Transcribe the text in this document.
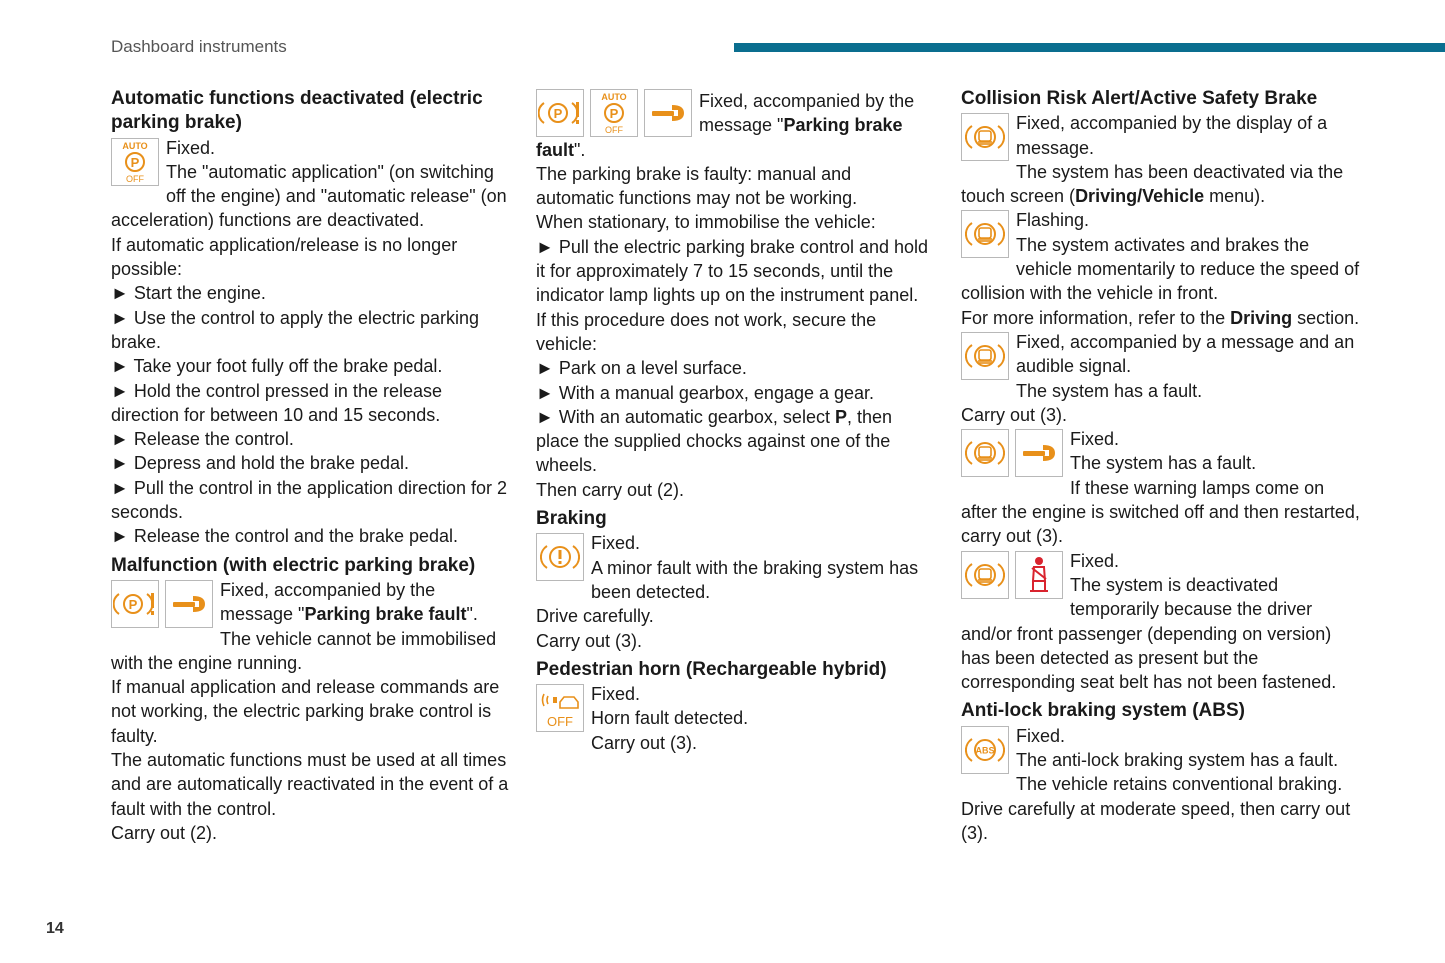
Dashboard instruments
Automatic functions deactivated (electric parking brake)
AUTO
P
OFF

Fixed.

The "automatic application" (on switching off the engine) and "automatic release" (on acceleration) functions are deactivated.

If automatic application/release is no longer possible:

► Start the engine.

► Use the control to apply the electric parking brake.

► Take your foot fully off the brake pedal.

► Hold the control pressed in the release direction for between 10 and 15 seconds.

► Release the control.

► Depress and hold the brake pedal.

► Pull the control in the application direction for 2 seconds.

► Release the control and the brake pedal.

Malfunction (with electric parking brake)
P

Fixed, accompanied by the message "Parking brake fault".

The vehicle cannot be immobilised with the engine running.

If manual application and release commands are not working, the electric parking brake control is faulty.

The automatic functions must be used at all times and are automatically reactivated in the event of a fault with the control.

Carry out (2).

P
AUTO
P
OFF

Fixed, accompanied by the message "Parking brake fault".

The parking brake is faulty: manual and automatic functions may not be working.

When stationary, to immobilise the vehicle:

► Pull the electric parking brake control and hold it for approximately 7 to 15 seconds, until the indicator lamp lights up on the instrument panel.

If this procedure does not work, secure the vehicle:

► Park on a level surface.

► With a manual gearbox, engage a gear.

► With an automatic gearbox, select P, then place the supplied chocks against one of the wheels.

Then carry out (2).

Braking

Fixed.

A minor fault with the braking system has been detected.

Drive carefully.

Carry out (3).

Pedestrian horn (Rechargeable hybrid)
OFF

Fixed.

Horn fault detected.

Carry out (3).

Collision Risk Alert/Active Safety Brake

Fixed, accompanied by the display of a message.

The system has been deactivated via the touch screen (Driving/Vehicle menu).

Flashing.

The system activates and brakes the vehicle momentarily to reduce the speed of collision with the vehicle in front.

For more information, refer to the Driving section.

Fixed, accompanied by a message and an audible signal.

The system has a fault.

Carry out (3).

Fixed.

The system has a fault.

If these warning lamps come on after the engine is switched off and then restarted, carry out (3).

Fixed.

The system is deactivated temporarily because the driver and/or front passenger (depending on version) has been detected as present but the corresponding seat belt has not been fastened.

Anti-lock braking system (ABS)
ABS

Fixed.

The anti-lock braking system has a fault.

The vehicle retains conventional braking.

Drive carefully at moderate speed, then carry out (3).

14
